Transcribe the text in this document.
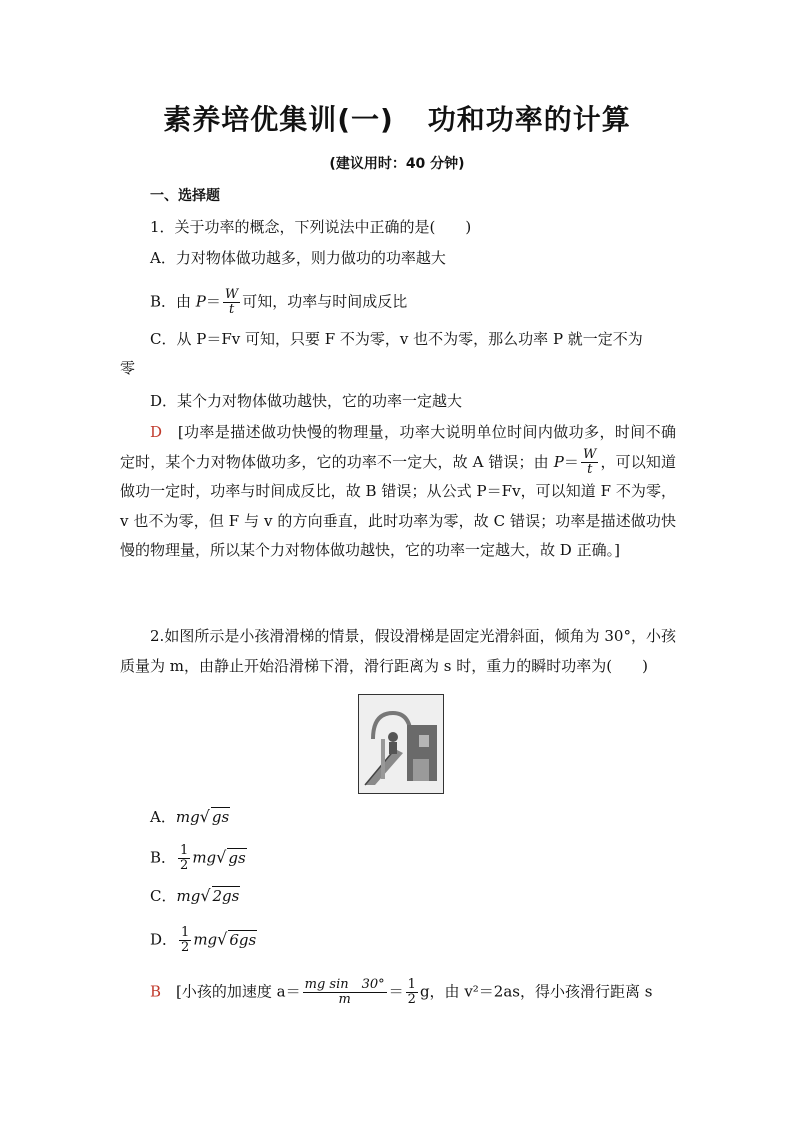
素养培优集训(一) 功和功率的计算
(建议用时：40 分钟)
一、选择题
1．关于功率的概念，下列说法中正确的是(　　)
A．力对物体做功越多，则力做功的功率越大
B．由 $P= \frac{W}{t}$ 可知，功率与时间成反比
C．从 P＝Fv 可知，只要 F 不为零，v 也不为零，那么功率 P 就一定不为
零
D．某个力对物体做功越快，它的功率一定越大
D　 [功率是描述做功快慢的物理量，功率大说明单位时间内做功多，时间不确定时，某个力对物体做功多，它的功率不一定大，故 A 错误；由 $P= \frac{W}{t}$ ，可以知道做功一定时，功率与时间成反比，故 B 错误；从公式 P＝Fv，可以知道 F 不为零，v 也不为零，但 F 与 v 的方向垂直，此时功率为零，故 C 错误；功率是描述做功快慢的物理量，所以某个力对物体做功越快，它的功率一定越大，故 D 正确。]
2.如图所示是小孩滑滑梯的情景，假设滑梯是固定光滑斜面，倾角为 30°，小孩质量为 m，由静止开始沿滑梯下滑，滑行距离为 s 时，重力的瞬时功率为(　　)
A．mg√ gs
B． $\frac{1}{2} mg√$ gs
C．mg√ 2gs
D． $\frac{1}{2} mg√$ 6gs
B　 [小孩的加速度 $a= \frac{\text{mg sin　30°}}{m} = \frac{1}{2}$ g，由 v²＝2as，得小孩滑行距离 s
